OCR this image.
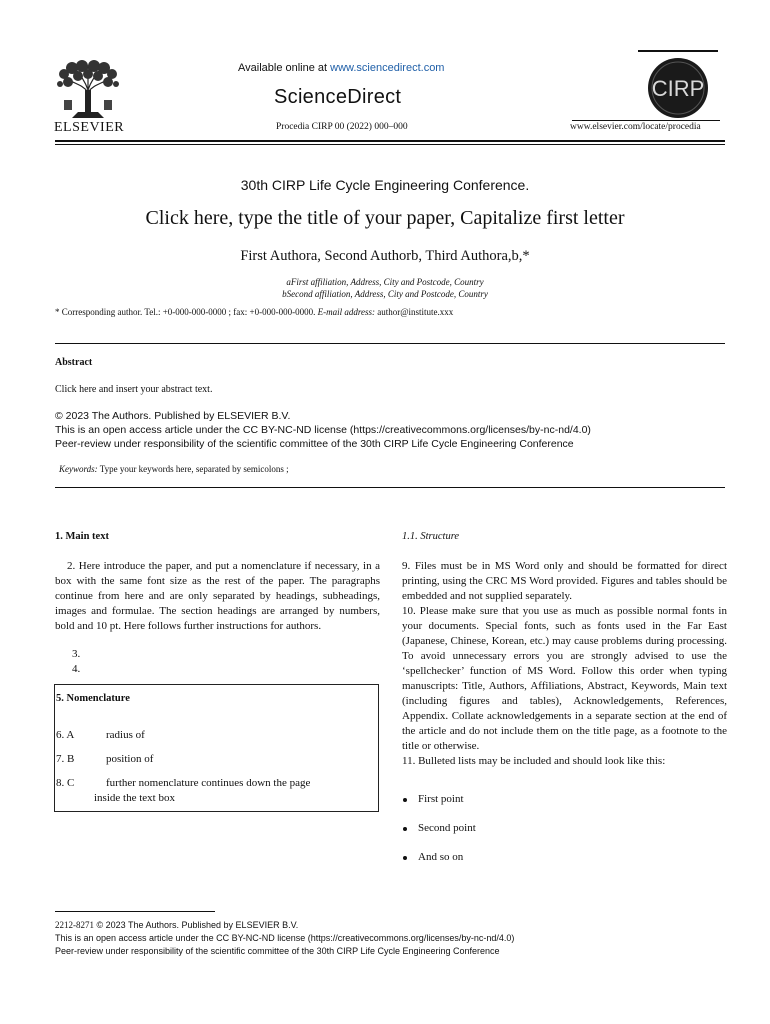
ELSEVIER
Available online at www.sciencedirect.com
ScienceDirect
Procedia CIRP 00 (2022) 000–000	www.elsevier.com/locate/procedia
CIRP
30th CIRP Life Cycle Engineering Conference.
Click here, type the title of your paper, Capitalize first letter
First Authora, Second Authorb, Third Authora,b,*
aFirst affiliation, Address, City and Postcode, Country
bSecond affiliation, Address, City and Postcode, Country
* Corresponding author. Tel.: +0-000-000-0000 ; fax: +0-000-000-0000. E-mail address: author@institute.xxx
Abstract
Click here and insert your abstract text.
© 2023 The Authors. Published by ELSEVIER B.V.
This is an open access article under the CC BY-NC-ND license (https://creativecommons.org/licenses/by-nc-nd/4.0)
Peer-review under responsibility of the scientific committee of the 30th CIRP Life Cycle Engineering Conference
Keywords: Type your keywords here, separated by semicolons ;
1. Main text

2. Here introduce the paper, and put a nomenclature if necessary, in a box with the same font size as the rest of the paper. The paragraphs continue from here and are only separated by headings, subheadings, images and formulae. The section headings are arranged by numbers, bold and 10 pt. Here follows further instructions for authors.

3.
4.
5. Nomenclature
6. A	radius of
7. B	position of
8. C	further nomenclature continues down the page
inside the text box
1.1. Structure

9. Files must be in MS Word only and should be formatted for direct printing, using the CRC MS Word provided. Figures and tables should be embedded and not supplied separately.

10. Please make sure that you use as much as possible normal fonts in your documents. Special fonts, such as fonts used in the Far East (Japanese, Chinese, Korean, etc.) may cause problems during processing. To avoid unnecessary errors you are strongly advised to use the ‘spellchecker’ function of MS Word. Follow this order when typing manuscripts: Title, Authors, Affiliations, Abstract, Keywords, Main text (including figures and tables), Acknowledgements, References, Appendix. Collate acknowledgements in a separate section at the end of the article and do not include them on the title page, as a footnote to the title or otherwise.

11. Bulleted lists may be included and should look like this:

First point
Second point
And so on
2212-8271 © 2023 The Authors. Published by ELSEVIER B.V.
This is an open access article under the CC BY-NC-ND license (https://creativecommons.org/licenses/by-nc-nd/4.0)
Peer-review under responsibility of the scientific committee of the 30th CIRP Life Cycle Engineering Conference
